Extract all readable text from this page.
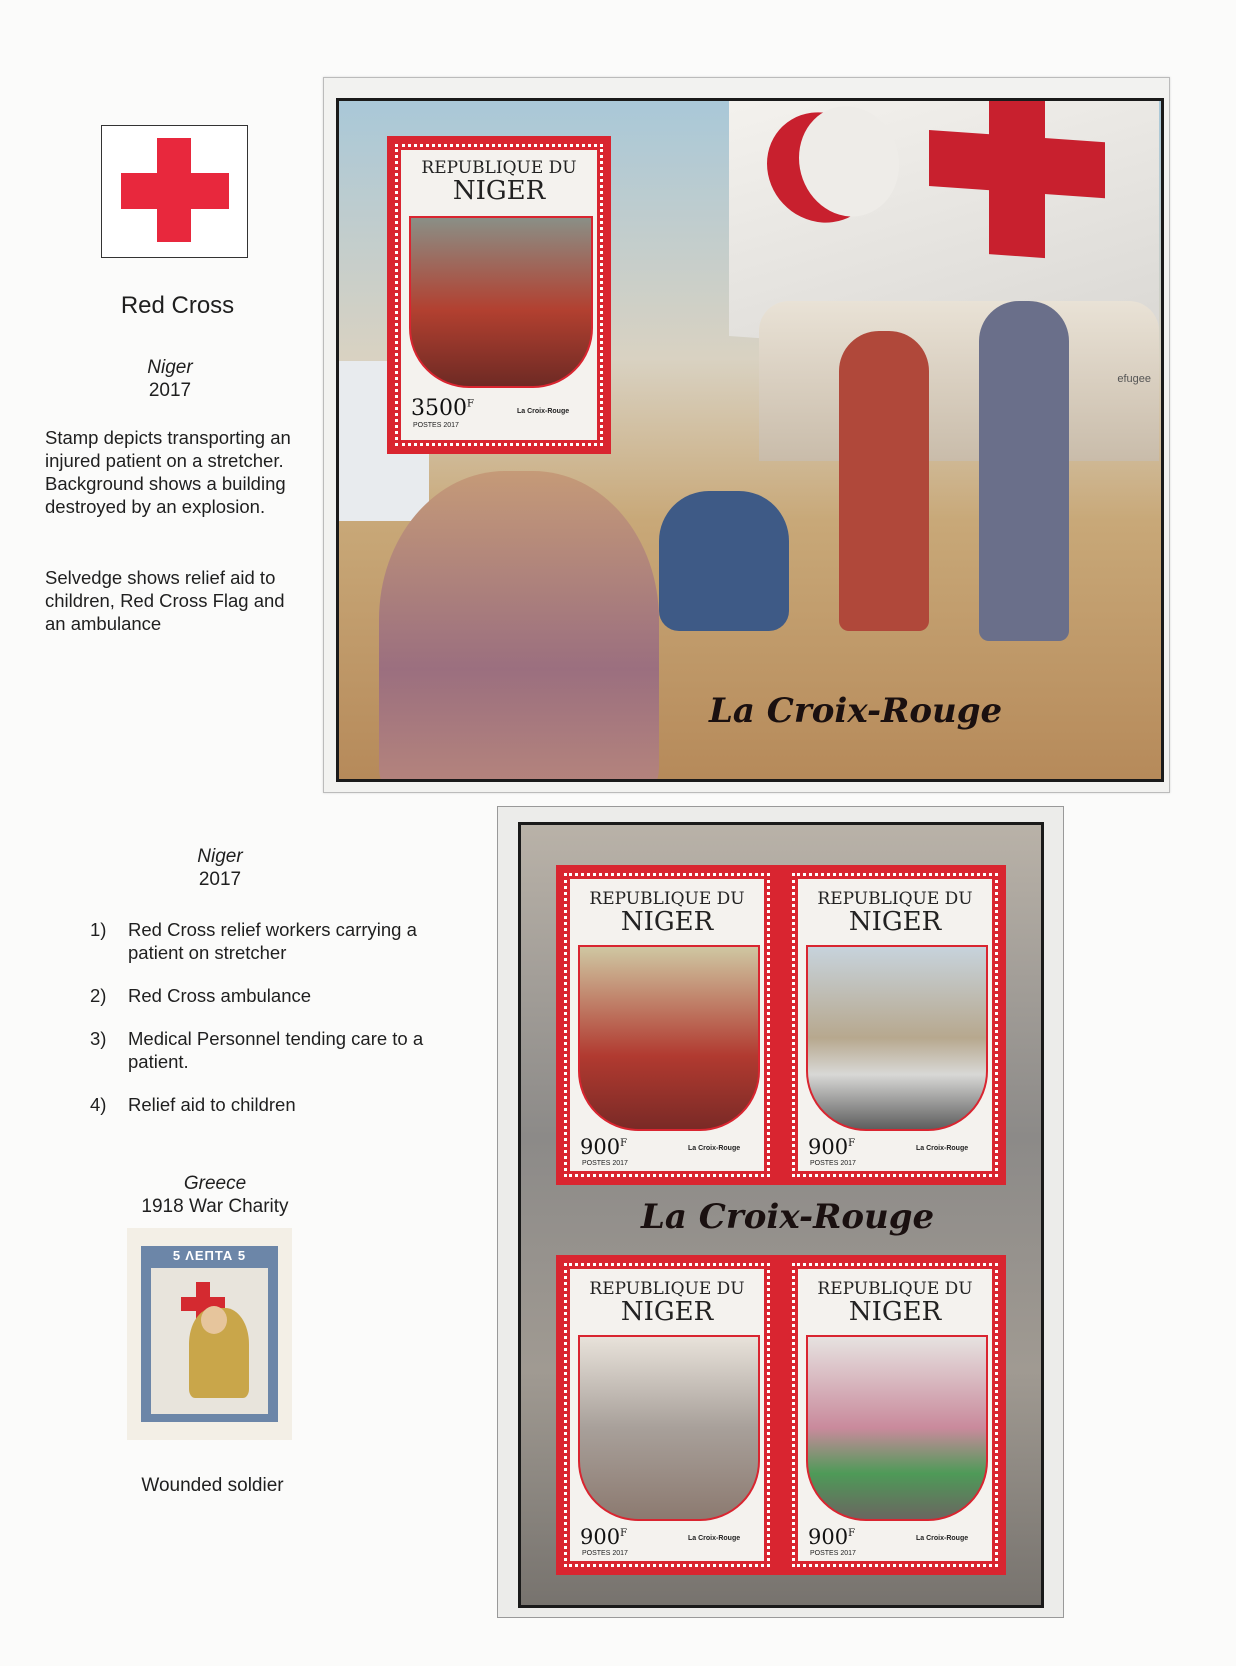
Red Cross
Niger
2017
Stamp depicts transporting an injured patient on a stretcher. Background shows a building destroyed by an explosion.
Selvedge shows relief aid to children, Red Cross Flag and an ambulance
Niger
2017
1) Red Cross relief workers carrying a patient on stretcher
2) Red Cross ambulance
3) Medical Personnel tending care to a patient.
4) Relief aid to children
Greece
1918 War Charity
5 ΛΕΠΤΑ 5
Wounded soldier
efugee
La Croix-Rouge
REPUBLIQUE DU
NIGER
$3500^F$
POSTES 2017
La Croix-Rouge
La Croix-Rouge
REPUBLIQUE DU
NIGER
$900^F$
POSTES 2017
La Croix-Rouge
REPUBLIQUE DU
NIGER
$900^F$
POSTES 2017
La Croix-Rouge
REPUBLIQUE DU
NIGER
$900^F$
POSTES 2017
La Croix-Rouge
REPUBLIQUE DU
NIGER
$900^F$
POSTES 2017
La Croix-Rouge
